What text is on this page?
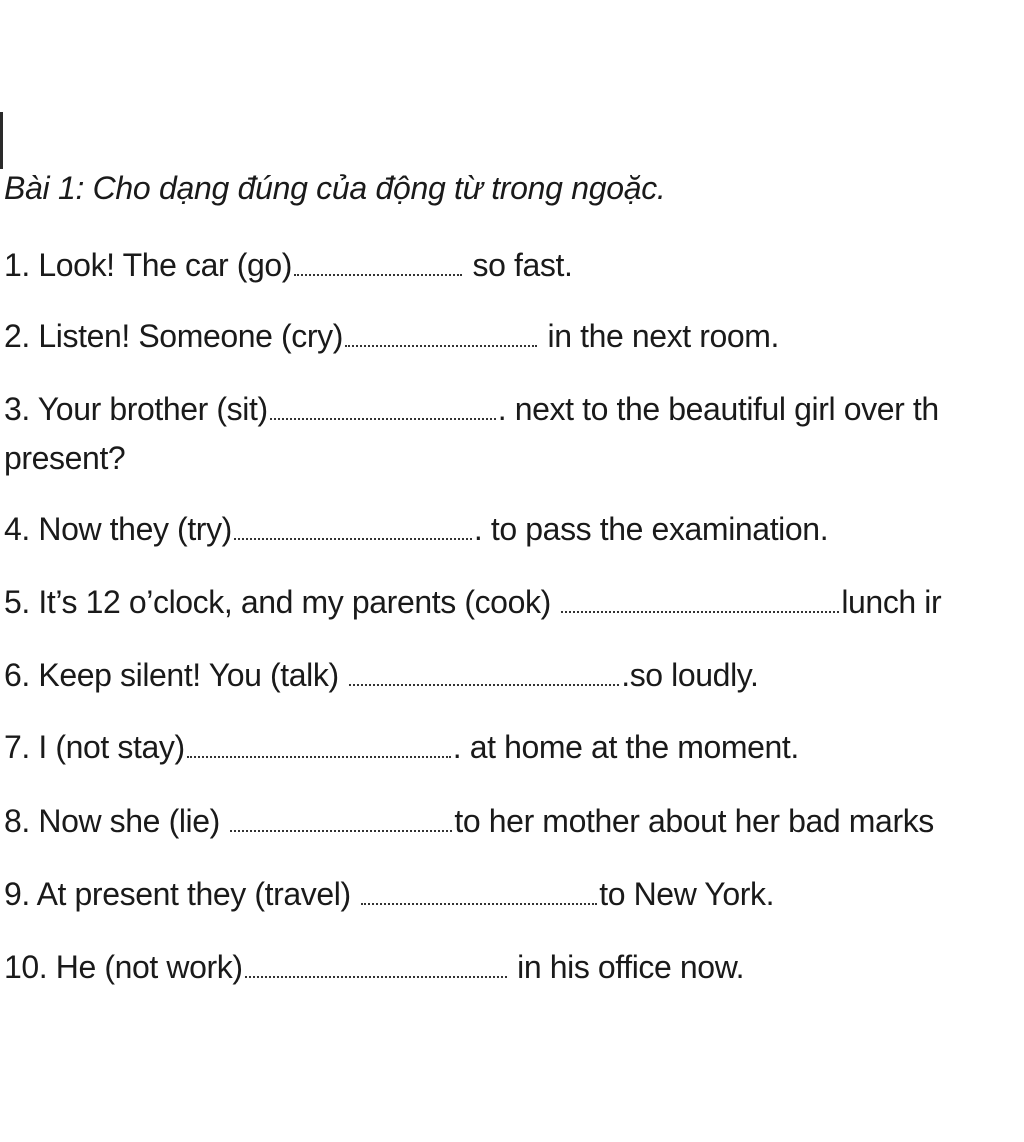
Bài 1: Cho dạng đúng của động từ trong ngoặc.
1. Look! The car (go)	so fast.
2. Listen! Someone (cry)	in the next room.
3. Your brother (sit)	. next to the beautiful girl over th
present?
4. Now they (try)	. to pass the examination.
5. It’s 12 o’clock, and my parents (cook)	lunch ir
6. Keep silent! You (talk)	.so loudly.
7. I (not stay)	. at home at the moment.
8. Now she (lie)	to her mother about her bad marks
9. At present they (travel)	to New York.
10. He (not work)	in his office now.
